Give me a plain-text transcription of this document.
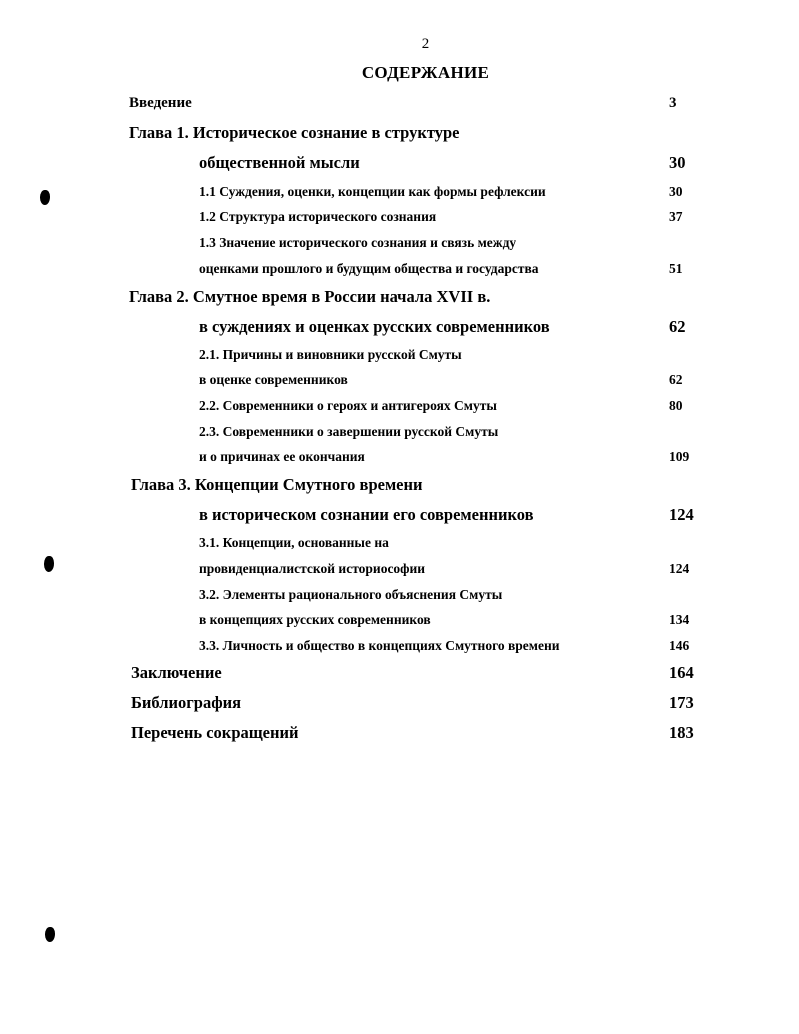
2
СОДЕРЖАНИЕ
Введение	3
Глава 1. Историческое сознание в структуре
общественной мысли	30
1.1 Суждения, оценки, концепции как формы рефлексии	30
1.2 Структура исторического сознания	37
1.3 Значение исторического сознания и связь между
оценками прошлого и будущим общества и государства	51
Глава 2. Смутное время в России начала XVII в.
в суждениях и оценках русских современников	62
2.1. Причины и виновники русской Смуты
в оценке современников	62
2.2. Современники о героях и антигероях Смуты	80
2.3. Современники о завершении русской Смуты
и о причинах ее окончания	109
Глава 3. Концепции Смутного времени
в историческом сознании его современников	124
3.1. Концепции, основанные на
провиденциалистской историософии	124
3.2. Элементы рационального объяснения Смуты
в концепциях русских современников	134
3.3. Личность и общество в концепциях Смутного времени	146
Заключение	164
Библиография	173
Перечень сокращений	183
